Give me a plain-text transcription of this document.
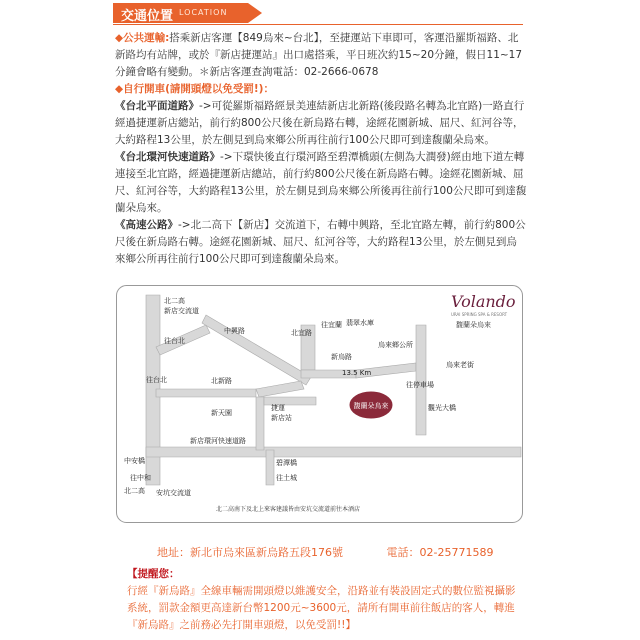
交通位置 LOCATION

◆公共運輸:搭乘新店客運【849烏來~台北】，至捷運站下車即可，客運沿羅斯福路、北新路均有站牌，或於『新店捷運站』出口處搭乘，平日班次約15~20分鐘，假日11~17分鐘會略有變動。＊新店客運查詢電話：02-2666-0678

◆自行開車(請開頭燈以免受罰!)：

《台北平面道路》->可從羅斯福路經景美連結新店北新路(後段路名轉為北宜路)一路直行經過捷運新店總站，前行約800公尺後在新烏路右轉，途經花園新城、屈尺、紅河谷等，大約路程13公里，於左側見到烏來鄉公所再往前行100公尺即可到達馥蘭朵烏來。

《台北環河快速道路》->下環快後直行環河路至碧潭橋頭(左側為大潤發)經由地下道左轉連接至北宜路，經過捷運新店總站，前行約800公尺後在新烏路右轉。途經花園新城、屈尺、紅河谷等，大約路程13公里，於左側見到烏來鄉公所後再往前行100公尺即可到達馥蘭朵烏來。

《高速公路》->北二高下【新店】交流道下，右轉中興路，至北宜路左轉，前行約800公尺後在新烏路右轉。途經花園新城、屈尺、紅河谷等，大約路程13公里，於左側見到烏來鄉公所再往前行100公尺即可到達馥蘭朵烏來。

北二高
新店交流道
中興路
往台北
北宜路
新烏路
往宜蘭 翡翠水庫
烏來鄉公所
烏來老街
13.5 Km
往台北	北新路
新天園
捷運
新店站
安坑交流道
新店環河快速道路
碧潭橋
中安橋
往中和	往土城
北二高
觀光大橋
往停車場
馥蘭朵烏來
Volando
URAI SPRING SPA & RESORT
馥蘭朵烏來
北二高南下及北上來客建議皆由安坑交流道前往本酒店
地址：新北市烏來區新烏路五段176號	電話：02-25771589
【提醒您：
行經『新烏路』全線車輛需開頭燈以維護安全，沿路並有裝設固定式的數位監視攝影系統，罰款金額更高達新台幣1200元~3600元，請所有開車前往飯店的客人，轉進『新烏路』之前務必先打開車頭燈，以免受罰!!】
